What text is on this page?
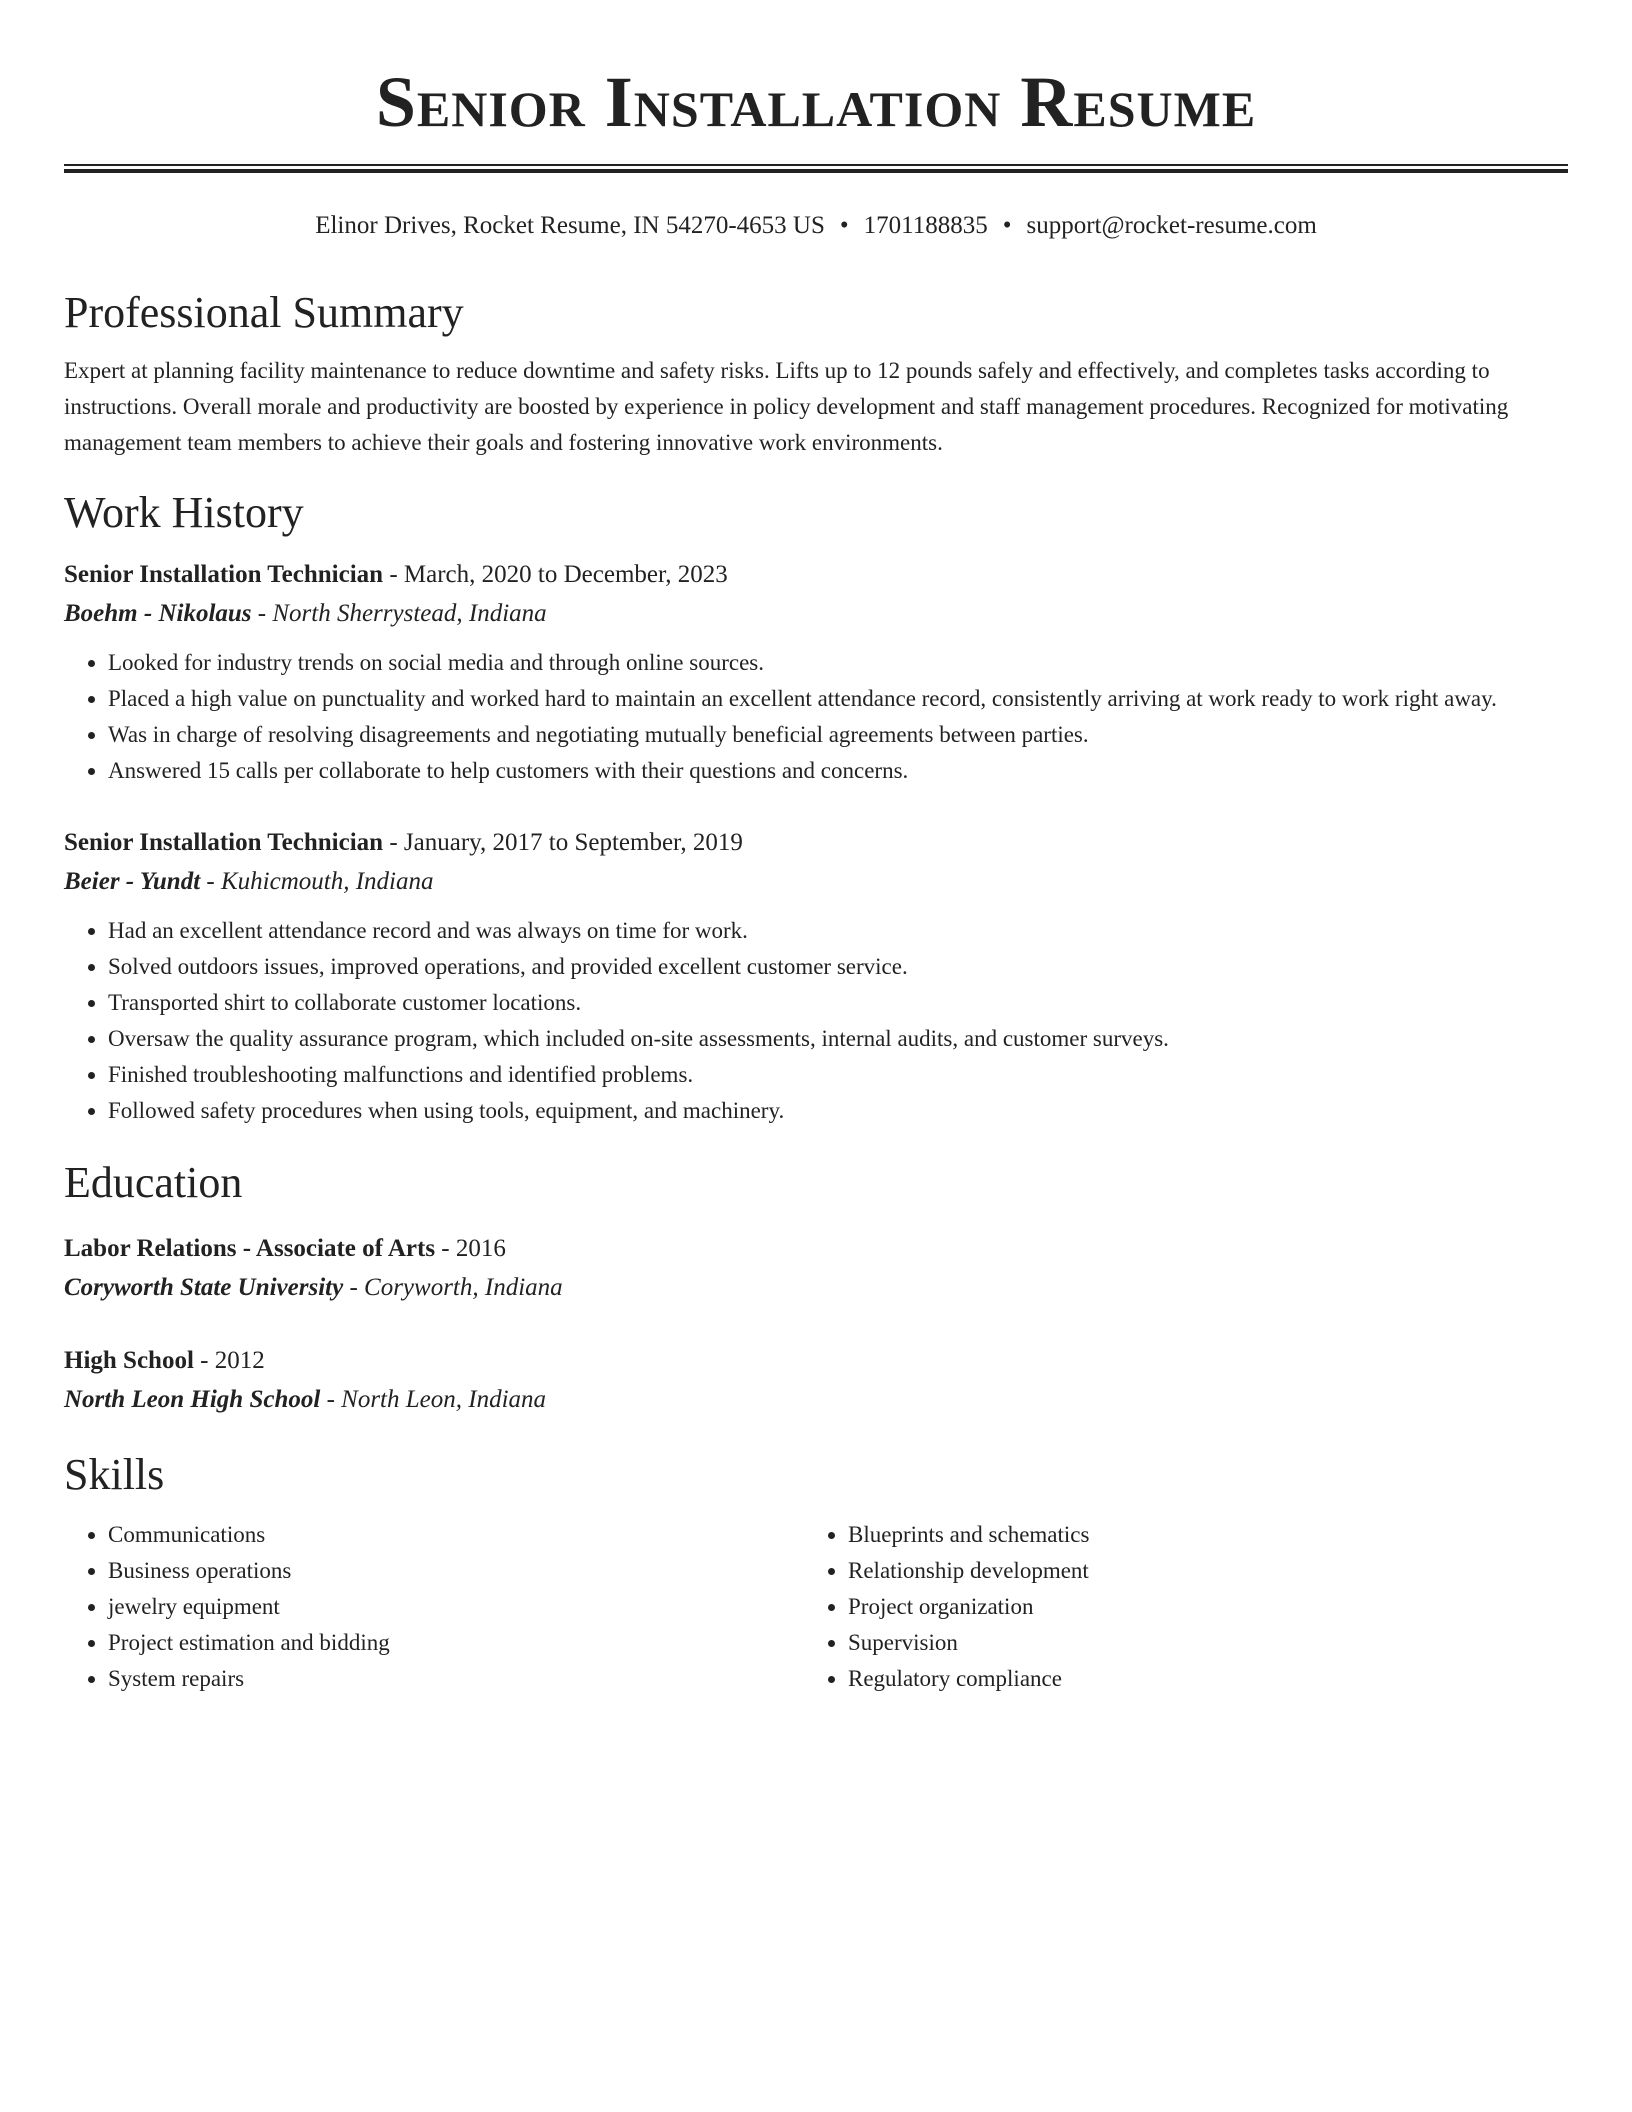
Senior Installation Resume
Elinor Drives, Rocket Resume, IN 54270-4653 US • 1701188835 • support@rocket-resume.com
Professional Summary
Expert at planning facility maintenance to reduce downtime and safety risks. Lifts up to 12 pounds safely and effectively, and completes tasks according to instructions. Overall morale and productivity are boosted by experience in policy development and staff management procedures. Recognized for motivating management team members to achieve their goals and fostering innovative work environments.
Work History
Senior Installation Technician - March, 2020 to December, 2023
Boehm - Nikolaus - North Sherrystead, Indiana
• Looked for industry trends on social media and through online sources.
• Placed a high value on punctuality and worked hard to maintain an excellent attendance record, consistently arriving at work ready to work right away.
• Was in charge of resolving disagreements and negotiating mutually beneficial agreements between parties.
• Answered 15 calls per collaborate to help customers with their questions and concerns.
Senior Installation Technician - January, 2017 to September, 2019
Beier - Yundt - Kuhicmouth, Indiana
• Had an excellent attendance record and was always on time for work.
• Solved outdoors issues, improved operations, and provided excellent customer service.
• Transported shirt to collaborate customer locations.
• Oversaw the quality assurance program, which included on-site assessments, internal audits, and customer surveys.
• Finished troubleshooting malfunctions and identified problems.
• Followed safety procedures when using tools, equipment, and machinery.
Education
Labor Relations - Associate of Arts - 2016
Coryworth State University - Coryworth, Indiana
High School - 2012
North Leon High School - North Leon, Indiana
Skills
• Communications
• Business operations
• jewelry equipment
• Project estimation and bidding
• System repairs
• Blueprints and schematics
• Relationship development
• Project organization
• Supervision
• Regulatory compliance
